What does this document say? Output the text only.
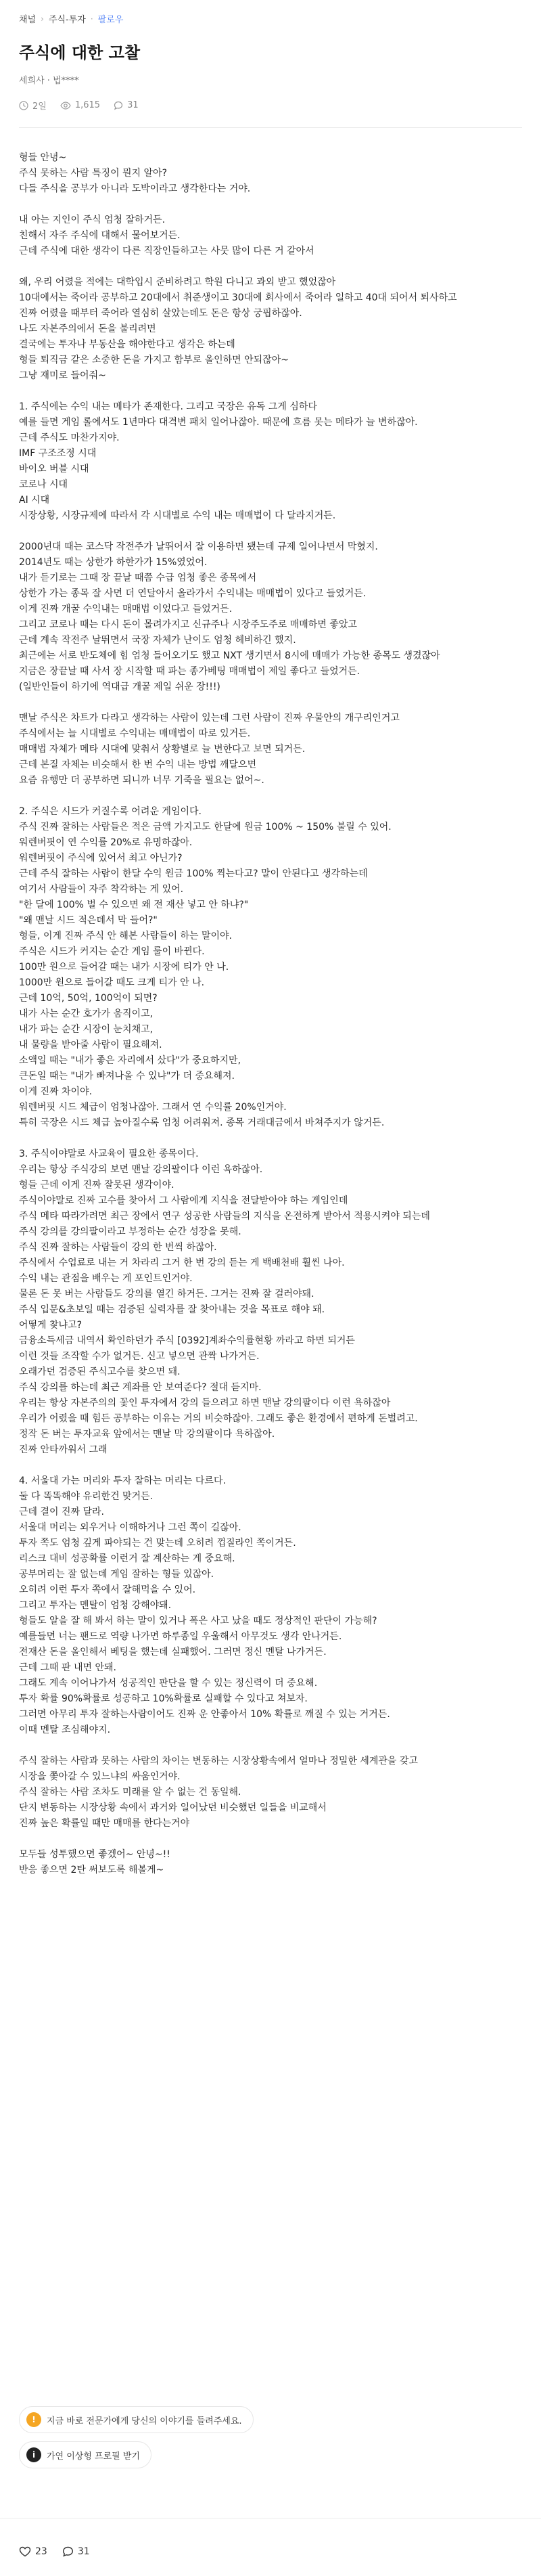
채널 › 주식-투자 · 팔로우
주식에 대한 고찰
세희사 · 법****
2일	1,615	31
형들 안녕~
주식 못하는 사람 특징이 뭔지 알아?
다들 주식을 공부가 아니라 도박이라고 생각한다는 거야.
내 아는 지인이 주식 엄청 잘하거든.
친해서 자주 주식에 대해서 물어보거든.
근데 주식에 대한 생각이 다른 직장인들하고는 사뭇 많이 다른 거 같아서
왜, 우리 어렸을 적에는 대학입시 준비하려고 학원 다니고 과외 받고 했었잖아
10대에서는 죽어라 공부하고 20대에서 취준생이고 30대에 회사에서 죽어라 일하고 40대 되어서 퇴사하고
진짜 어렸을 때부터 죽어라 열심히 살았는데도 돈은 항상 궁핍하잖아.
나도 자본주의에서 돈을 불리려면
결국에는 투자나 부동산을 해야한다고 생각은 하는데
형들 퇴직금 같은 소중한 돈을 가지고 함부로 올인하면 안되잖아~
그냥 재미로 들어줘~
1. 주식에는 수익 내는 메타가 존재한다. 그리고 국장은 유독 그게 심하다
예를 들면 게임 롤에서도 1년마다 대격변 패치 일어나잖아. 때문에 흐름 못는 메타가 늘 변하잖아.
근데 주식도 마찬가지야.
IMF 구조조정 시대
바이오 버블 시대
코로나 시대
AI 시대
시장상황, 시장규제에 따라서 각 시대별로 수익 내는 매매법이 다 달라지거든.
2000년대 때는 코스닥 작전주가 날뛰어서 잘 이용하면 됐는데 규제 일어나면서 막혔지.
2014년도 때는 상한가 하한가가 15%였었어.
내가 듣기로는 그때 장 끝날 때쯤 수급 엄청 좋은 종목에서
상한가 가는 종목 잘 사면 더 연달아서 올라가서 수익내는 매매법이 있다고 들었거든.
이게 진짜 개꿀 수익내는 매매법 이었다고 들었거든.
그리고 코로나 때는 다시 돈이 몰려가지고 신규주나 시장주도주로 매매하면 좋았고
근데 계속 작전주 날뛰면서 국장 자체가 난이도 엄청 헤비하긴 했지.
최근에는 서로 반도체에 힘 엄청 들어오기도 했고 NXT 생기면서 8시에 매매가 가능한 종목도 생겼잖아
지금은 장끝날 때 사서 장 시작할 때 파는 종가베팅 매매법이 제일 좋다고 들었거든.
(일반인들이 하기에 역대급 개꿀 제일 쉬운 장!!!)
맨날 주식은 차트가 다라고 생각하는 사람이 있는데 그런 사람이 진짜 우물안의 개구리인거고
주식에서는 늘 시대별로 수익내는 매매법이 따로 있거든.
매매법 자체가 메타 시대에 맞춰서 상황별로 늘 변한다고 보면 되거든.
근데 본질 자체는 비슷해서 한 번 수익 내는 방법 깨달으면
요즘 유행만 더 공부하면 되니까 너무 기죽을 필요는 없어~.
2. 주식은 시드가 커질수록 어려운 게임이다.
주식 진짜 잘하는 사람들은 적은 금액 가지고도 한달에 원금 100% ~ 150% 불릴 수 있어.
워렌버핏이 연 수익률 20%로 유명하잖아.
워렌버핏이 주식에 있어서 최고 아닌가?
근데 주식 잘하는 사람이 한달 수익 원금 100% 찍는다고? 말이 안된다고 생각하는데
여기서 사람들이 자주 착각하는 게 있어.
"한 달에 100% 벌 수 있으면 왜 전 재산 넣고 안 하냐?"
"왜 맨날 시드 적은데서 막 들어?"
형들, 이게 진짜 주식 안 해본 사람들이 하는 말이야.
주식은 시드가 커지는 순간 게임 룰이 바뀐다.
100만 원으로 들어갈 때는 내가 시장에 티가 안 나.
1000만 원으로 들어갈 때도 크게 티가 안 나.
근데 10억, 50억, 100억이 되면?
내가 사는 순간 호가가 움직이고,
내가 파는 순간 시장이 눈치채고,
내 물량을 받아줄 사람이 필요해져.
소액일 때는 "내가 좋은 자리에서 샀다"가 중요하지만,
큰돈일 때는 "내가 빠져나올 수 있냐"가 더 중요해져.
이게 진짜 차이야.
워렌버핏 시드 체급이 엄청나잖아. 그래서 연 수익률 20%인거야.
특히 국장은 시드 체급 높아질수록 엄청 어려워져. 종목 거래대금에서 바쳐주지가 않거든.
3. 주식이야말로 사교육이 필요한 종목이다.
우리는 항상 주식강의 보면 맨날 강의팔이다 이런 욕하잖아.
형들 근데 이게 진짜 잘못된 생각이야.
주식이야말로 진짜 고수를 찾아서 그 사람에게 지식을 전달받아야 하는 게임인데
주식 메타 따라가려면 최근 장에서 연구 성공한 사람들의 지식을 온전하게 받아서 적용시켜야 되는데
주식 강의를 강의팔이라고 부정하는 순간 성장을 못해.
주식 진짜 잘하는 사람들이 강의 한 번씩 하잖아.
주식에서 수업료로 내는 거 차라리 그거 한 번 강의 듣는 게 백배천배 훨씬 나아.
수익 내는 관점을 배우는 게 포인트인거야.
물론 돈 못 버는 사람들도 강의를 열긴 하거든. 그거는 진짜 잘 걸러야돼.
주식 입문&초보일 때는 검증된 실력자를 잘 찾아내는 것을 목표로 해야 돼.
어떻게 찾냐고?
금융소득세금 내역서 확인하던가 주식 [0392]계좌수익률현황 까라고 하면 되거든
이런 것들 조작할 수가 없거든. 신고 넣으면 관짝 나가거든.
오래가던 검증된 주식고수를 찾으면 돼.
주식 강의를 하는데 최근 계좌를 안 보여준다? 절대 듣지마.
우리는 항상 자본주의의 꽃인 투자에서 강의 들으려고 하면 맨날 강의팔이다 이런 욕하잖아
우리가 어렸을 때 힘든 공부하는 이유는 거의 비슷하잖아. 그래도 좋은 환경에서 편하게 돈벌려고.
정작 돈 버는 투자교육 앞에서는 맨날 막 강의팔이다 욕하잖아.
진짜 안타까워서 그래
4. 서울대 가는 머리와 투자 잘하는 머리는 다르다.
둘 다 똑똑해야 유리한건 맞거든.
근데 결이 진짜 달라.
서울대 머리는 외우거나 이해하거나 그런 쪽이 길잖아.
투자 쪽도 엄청 깊게 파야되는 건 맞는데 오히려 껍질라인 쪽이거든.
리스크 대비 성공확률 이런거 잘 계산하는 게 중요해.
공부머리는 잘 없는데 게임 잘하는 형들 있잖아.
오히려 이런 투자 쪽에서 잘해먹을 수 있어.
그리고 투자는 멘탈이 엄청 강해야돼.
형들도 알을 잘 해 봐서 하는 말이 있거나 폭은 사고 났을 때도 정상적인 판단이 가능해?
예를들면 너는 팬드로 역량 나가면 하루종일 우울해서 아무것도 생각 안나거든.
전재산 돈을 올인해서 베팅을 했는데 실패했어. 그러면 정신 멘탈 나가거든.
근데 그때 판 내면 안돼.
그래도 계속 이어나가서 성공적인 판단을 할 수 있는 정신력이 더 중요해.
투자 확률 90%확률로 성공하고 10%확률로 실패할 수 있다고 쳐보자.
그러면 아무리 투자 잘하는사람이어도 진짜 운 안좋아서 10% 확률로 깨질 수 있는 거거든.
이때 멘탈 조심해야지.
주식 잘하는 사람과 못하는 사람의 차이는 변동하는 시장상황속에서 얼마나 정밀한 세계관을 갖고
시장을 쫓아갈 수 있느냐의 싸움인거야.
주식 잘하는 사람 조차도 미래를 알 수 없는 건 동일해.
단지 변동하는 시장상황 속에서 과거와 일어났던 비슷했던 일들을 비교해서
진짜 높은 확률일 때만 매매를 한다는거야
모두들 성투했으면 좋겠어~ 안녕~!!
반응 좋으면 2탄 써보도록 해볼게~
!	지금 바로 전문가에게 당신의 이야기를 들려주세요.
i	가연 이상형 프로필 받기
23	31
